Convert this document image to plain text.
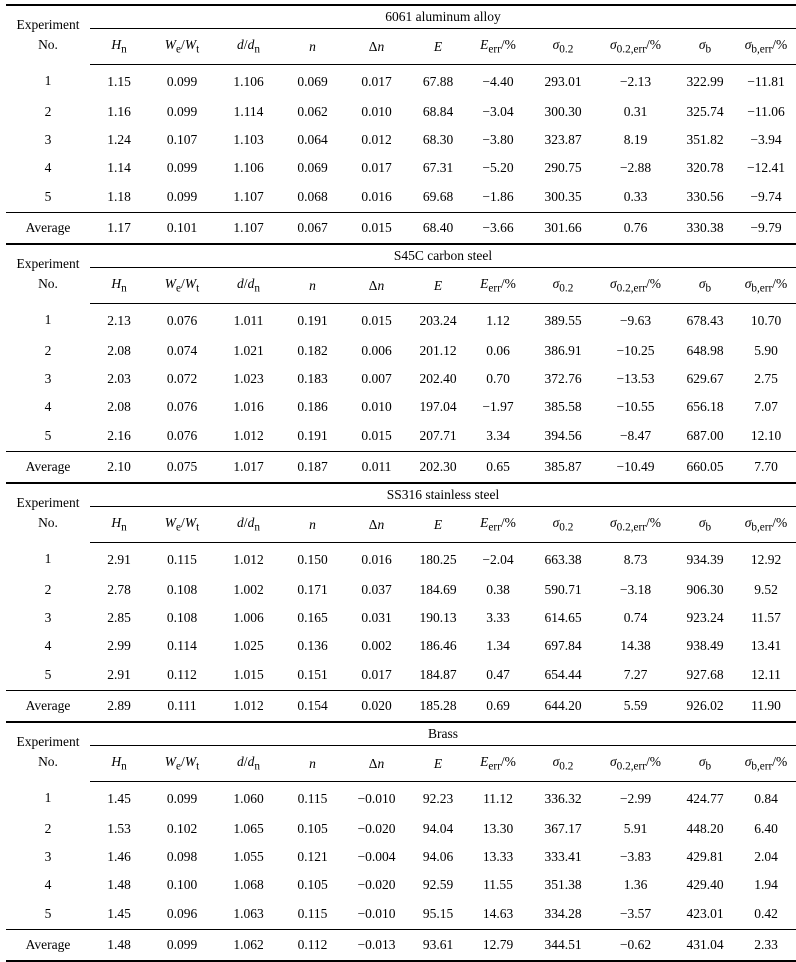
Experiment
No.	6061 aluminum alloy										
	$H_n$	$W_e/W_t$	$d/d_n$	n	Δn	E	$E_{err}/\%$	$\sigma_{0.2}$	$\sigma_{0.2,err}/\%$	$\sigma_b$	$\sigma_{b,err}/\%$
1	1.15	0.099	1.106	0.069	0.017	67.88	−4.40	293.01	−2.13	322.99	−11.81
2	1.16	0.099	1.114	0.062	0.010	68.84	−3.04	300.30	0.31	325.74	−11.06
3	1.24	0.107	1.103	0.064	0.012	68.30	−3.80	323.87	8.19	351.82	−3.94
4	1.14	0.099	1.106	0.069	0.017	67.31	−5.20	290.75	−2.88	320.78	−12.41
5	1.18	0.099	1.107	0.068	0.016	69.68	−1.86	300.35	0.33	330.56	−9.74
Average	1.17	0.101	1.107	0.067	0.015	68.40	−3.66	301.66	0.76	330.38	−9.79
Experiment
No.	S45C carbon steel										
	$H_n$	$W_e/W_t$	$d/d_n$	n	Δn	E	$E_{err}/\%$	$\sigma_{0.2}$	$\sigma_{0.2,err}/\%$	$\sigma_b$	$\sigma_{b,err}/\%$
1	2.13	0.076	1.011	0.191	0.015	203.24	1.12	389.55	−9.63	678.43	10.70
2	2.08	0.074	1.021	0.182	0.006	201.12	0.06	386.91	−10.25	648.98	5.90
3	2.03	0.072	1.023	0.183	0.007	202.40	0.70	372.76	−13.53	629.67	2.75
4	2.08	0.076	1.016	0.186	0.010	197.04	−1.97	385.58	−10.55	656.18	7.07
5	2.16	0.076	1.012	0.191	0.015	207.71	3.34	394.56	−8.47	687.00	12.10
Average	2.10	0.075	1.017	0.187	0.011	202.30	0.65	385.87	−10.49	660.05	7.70
Experiment
No.	SS316 stainless steel										
	$H_n$	$W_e/W_t$	$d/d_n$	n	Δn	E	$E_{err}/\%$	$\sigma_{0.2}$	$\sigma_{0.2,err}/\%$	$\sigma_b$	$\sigma_{b,err}/\%$
1	2.91	0.115	1.012	0.150	0.016	180.25	−2.04	663.38	8.73	934.39	12.92
2	2.78	0.108	1.002	0.171	0.037	184.69	0.38	590.71	−3.18	906.30	9.52
3	2.85	0.108	1.006	0.165	0.031	190.13	3.33	614.65	0.74	923.24	11.57
4	2.99	0.114	1.025	0.136	0.002	186.46	1.34	697.84	14.38	938.49	13.41
5	2.91	0.112	1.015	0.151	0.017	184.87	0.47	654.44	7.27	927.68	12.11
Average	2.89	0.111	1.012	0.154	0.020	185.28	0.69	644.20	5.59	926.02	11.90
Experiment
No.	Brass										
	$H_n$	$W_e/W_t$	$d/d_n$	n	Δn	E	$E_{err}/\%$	$\sigma_{0.2}$	$\sigma_{0.2,err}/\%$	$\sigma_b$	$\sigma_{b,err}/\%$
1	1.45	0.099	1.060	0.115	−0.010	92.23	11.12	336.32	−2.99	424.77	0.84
2	1.53	0.102	1.065	0.105	−0.020	94.04	13.30	367.17	5.91	448.20	6.40
3	1.46	0.098	1.055	0.121	−0.004	94.06	13.33	333.41	−3.83	429.81	2.04
4	1.48	0.100	1.068	0.105	−0.020	92.59	11.55	351.38	1.36	429.40	1.94
5	1.45	0.096	1.063	0.115	−0.010	95.15	14.63	334.28	−3.57	423.01	0.42
Average	1.48	0.099	1.062	0.112	−0.013	93.61	12.79	344.51	−0.62	431.04	2.33
